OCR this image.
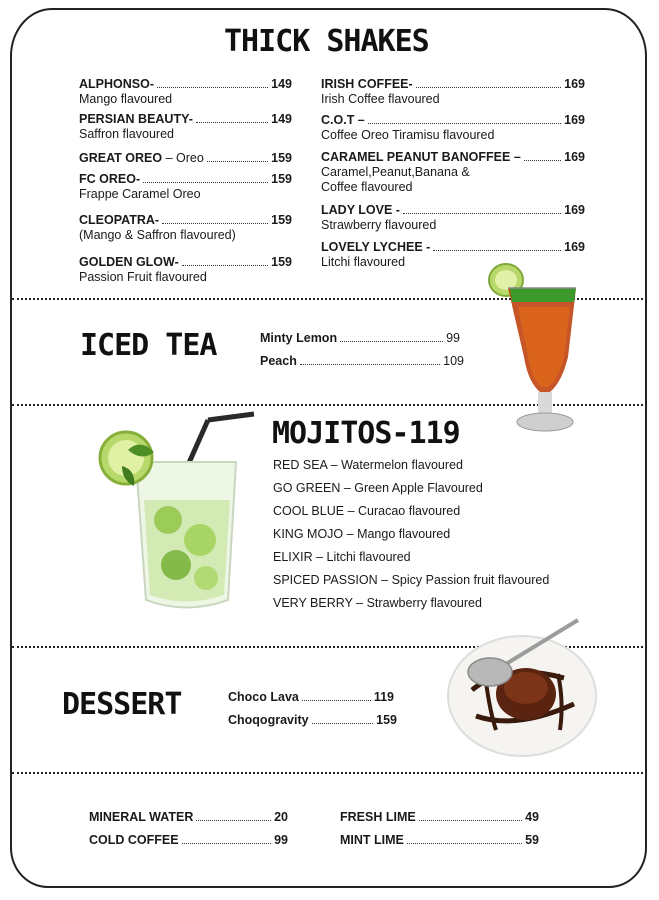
THICK SHAKES
ALPHONSO-	149
Mango flavoured
PERSIAN BEAUTY-	149
Saffron flavoured
GREAT OREO – Oreo	159
FC OREO-	159
Frappe Caramel Oreo
CLEOPATRA-	159
(Mango & Saffron flavoured)
GOLDEN GLOW-	159
Passion Fruit flavoured
IRISH COFFEE-	169
Irish Coffee flavoured
C.O.T –	169
Coffee Oreo Tiramisu flavoured
CARAMEL PEANUT BANOFFEE –	169
Caramel,Peanut,Banana &
Coffee flavoured
LADY LOVE -	169
Strawberry flavoured
LOVELY LYCHEE -	169
Litchi flavoured
ICED TEA	Minty Lemon	99
Peach	109
MOJITOS-119
RED SEA – Watermelon flavoured
GO GREEN – Green Apple Flavoured
COOL BLUE – Curacao flavoured
KING MOJO – Mango flavoured
ELIXIR – Litchi flavoured
SPICED PASSION – Spicy Passion fruit flavoured
VERY BERRY – Strawberry flavoured
DESSERT	Choco Lava	119
Choqogravity	159
MINERAL WATER	20
COLD COFFEE	99
FRESH LIME	49
MINT LIME	59
